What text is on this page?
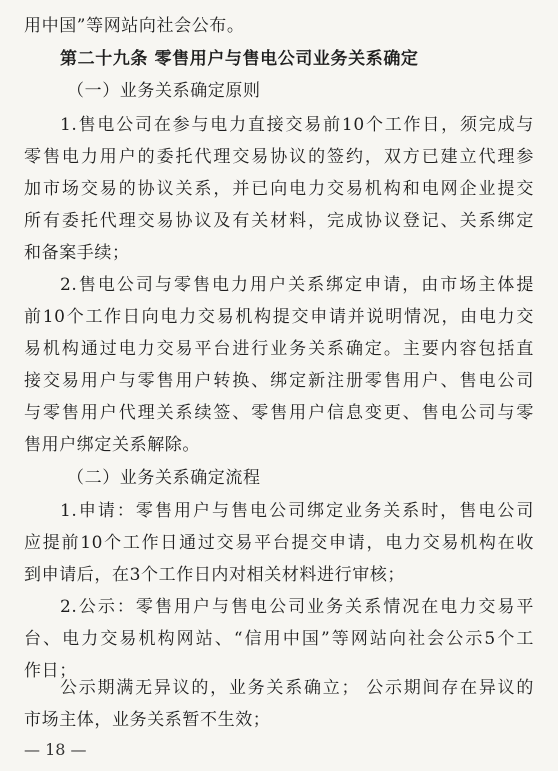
用中国”等网站向社会公布。
第二十九条 零售用户与售电公司业务关系确定
（一）业务关系确定原则
1.售电公司在参与电力直接交易前10个工作日，须完成与
零售电力用户的委托代理交易协议的签约，双方已建立代理参
加市场交易的协议关系，并已向电力交易机构和电网企业提交
所有委托代理交易协议及有关材料，完成协议登记、关系绑定
和备案手续；
2.售电公司与零售电力用户关系绑定申请，由市场主体提
前10个工作日向电力交易机构提交申请并说明情况，由电力交
易机构通过电力交易平台进行业务关系确定。主要内容包括直
接交易用户与零售用户转换、绑定新注册零售用户、售电公司
与零售用户代理关系续签、零售用户信息变更、售电公司与零
售用户绑定关系解除。
（二）业务关系确定流程
1.申请：零售用户与售电公司绑定业务关系时，售电公司
应提前10个工作日通过交易平台提交申请，电力交易机构在收
到申请后，在3个工作日内对相关材料进行审核；
2.公示：零售用户与售电公司业务关系情况在电力交易平
台、电力交易机构网站、“信用中国”等网站向社会公示5个工
作日；
公示期满无异议的，业务关系确立； 公示期间存在异议的
市场主体，业务关系暂不生效；
— 18 —
